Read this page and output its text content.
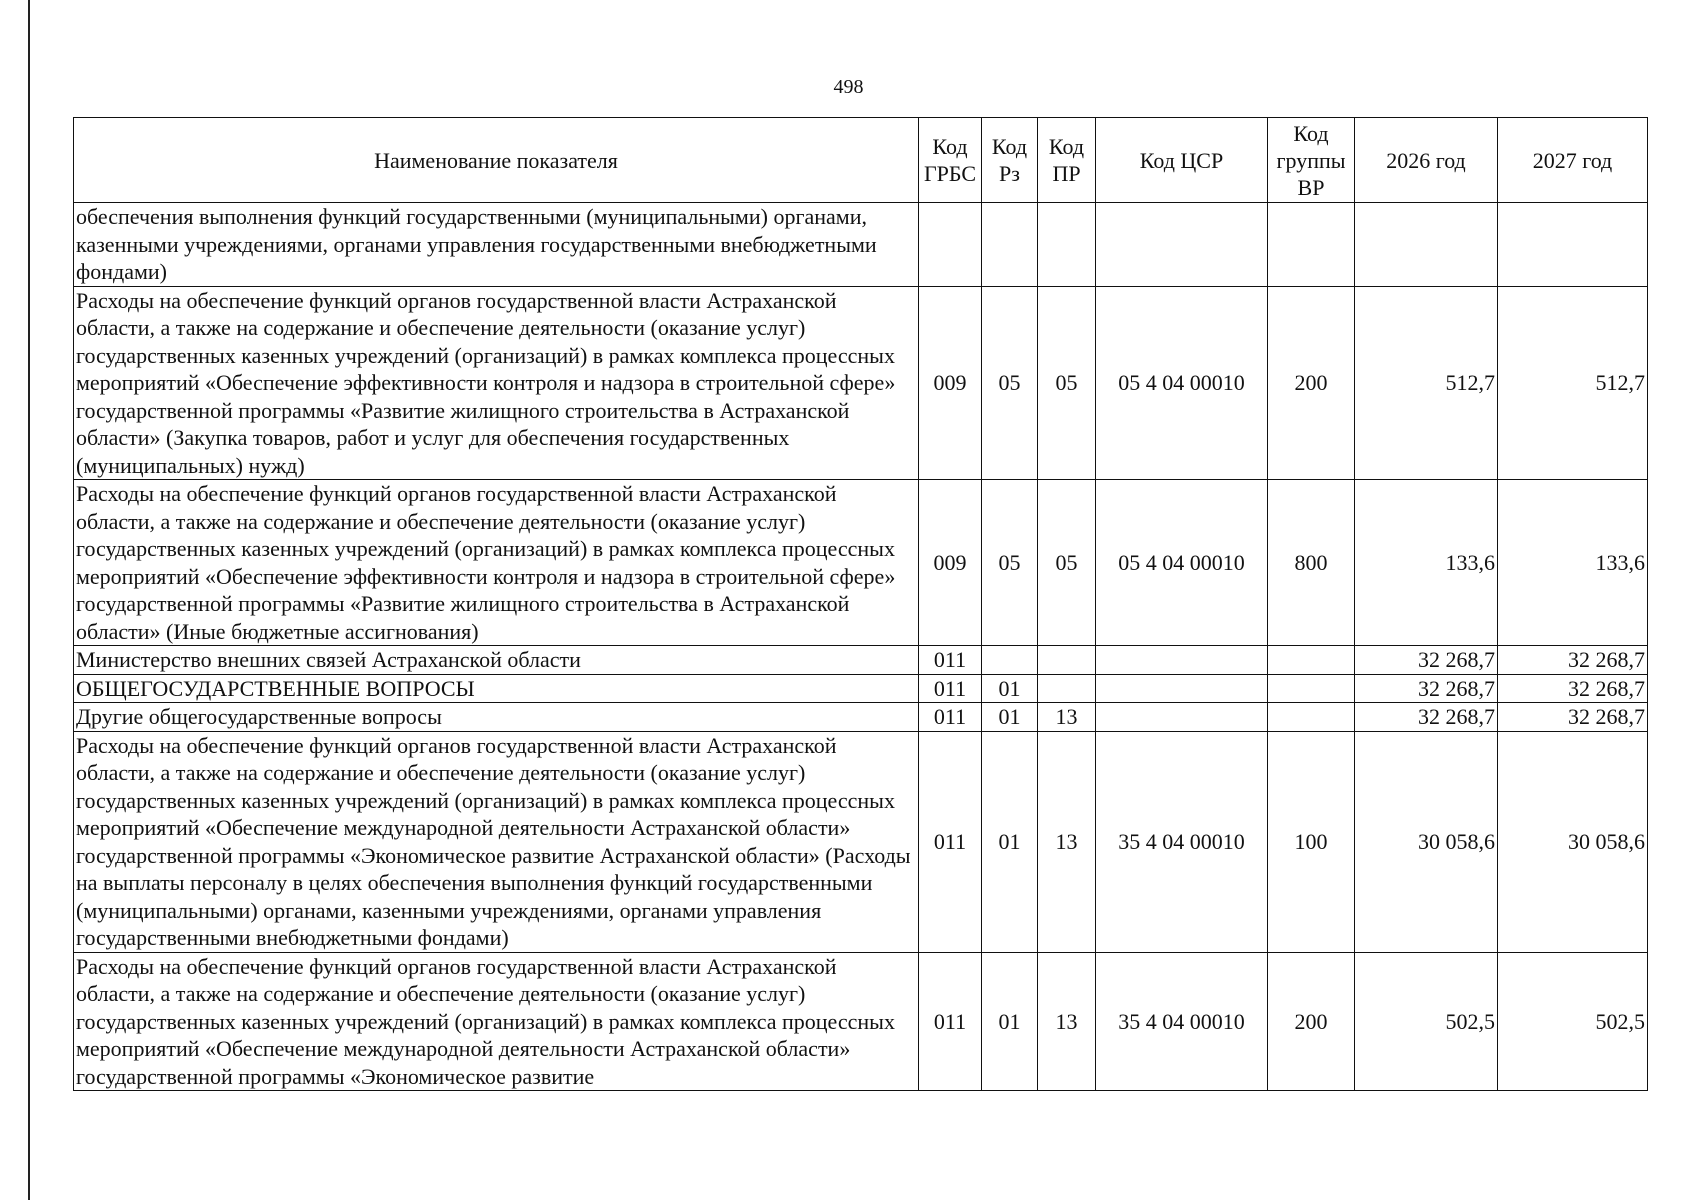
498
Наименование показателя	Код ГРБС	Код Рз	Код ПР	Код ЦСР	Код группы ВР	2026 год	2027 год
обеспечения выполнения функций государственными (муниципальными) органами, казенными учреждениями, органами управления государственными внебюджетными фондами)							
Расходы на обеспечение функций органов государственной власти Астраханской области, а также на содержание и обеспечение деятельности (оказание услуг) государственных казенных учреждений (организаций) в рамках комплекса процессных мероприятий «Обеспечение эффективности контроля и надзора в строительной сфере» государственной программы «Развитие жилищного строительства в Астраханской области» (Закупка товаров, работ и услуг для обеспечения государственных (муниципальных) нужд)	009	05	05	05 4 04 00010	200	512,7	512,7
Расходы на обеспечение функций органов государственной власти Астраханской области, а также на содержание и обеспечение деятельности (оказание услуг) государственных казенных учреждений (организаций) в рамках комплекса процессных мероприятий «Обеспечение эффективности контроля и надзора в строительной сфере» государственной программы «Развитие жилищного строительства в Астраханской области» (Иные бюджетные ассигнования)	009	05	05	05 4 04 00010	800	133,6	133,6
Министерство внешних связей Астраханской области	011					32 268,7	32 268,7
ОБЩЕГОСУДАРСТВЕННЫЕ ВОПРОСЫ	011	01				32 268,7	32 268,7
Другие общегосударственные вопросы	011	01	13			32 268,7	32 268,7
Расходы на обеспечение функций органов государственной власти Астраханской области, а также на содержание и обеспечение деятельности (оказание услуг) государственных казенных учреждений (организаций) в рамках комплекса процессных мероприятий «Обеспечение международной деятельности Астраханской области» государственной программы «Экономическое развитие Астраханской области» (Расходы на выплаты персоналу в целях обеспечения выполнения функций государственными (муниципальными) органами, казенными учреждениями, органами управления государственными внебюджетными фондами)	011	01	13	35 4 04 00010	100	30 058,6	30 058,6
Расходы на обеспечение функций органов государственной власти Астраханской области, а также на содержание и обеспечение деятельности (оказание услуг) государственных казенных учреждений (организаций) в рамках комплекса процессных мероприятий «Обеспечение международной деятельности Астраханской области» государственной программы «Экономическое развитие	011	01	13	35 4 04 00010	200	502,5	502,5
